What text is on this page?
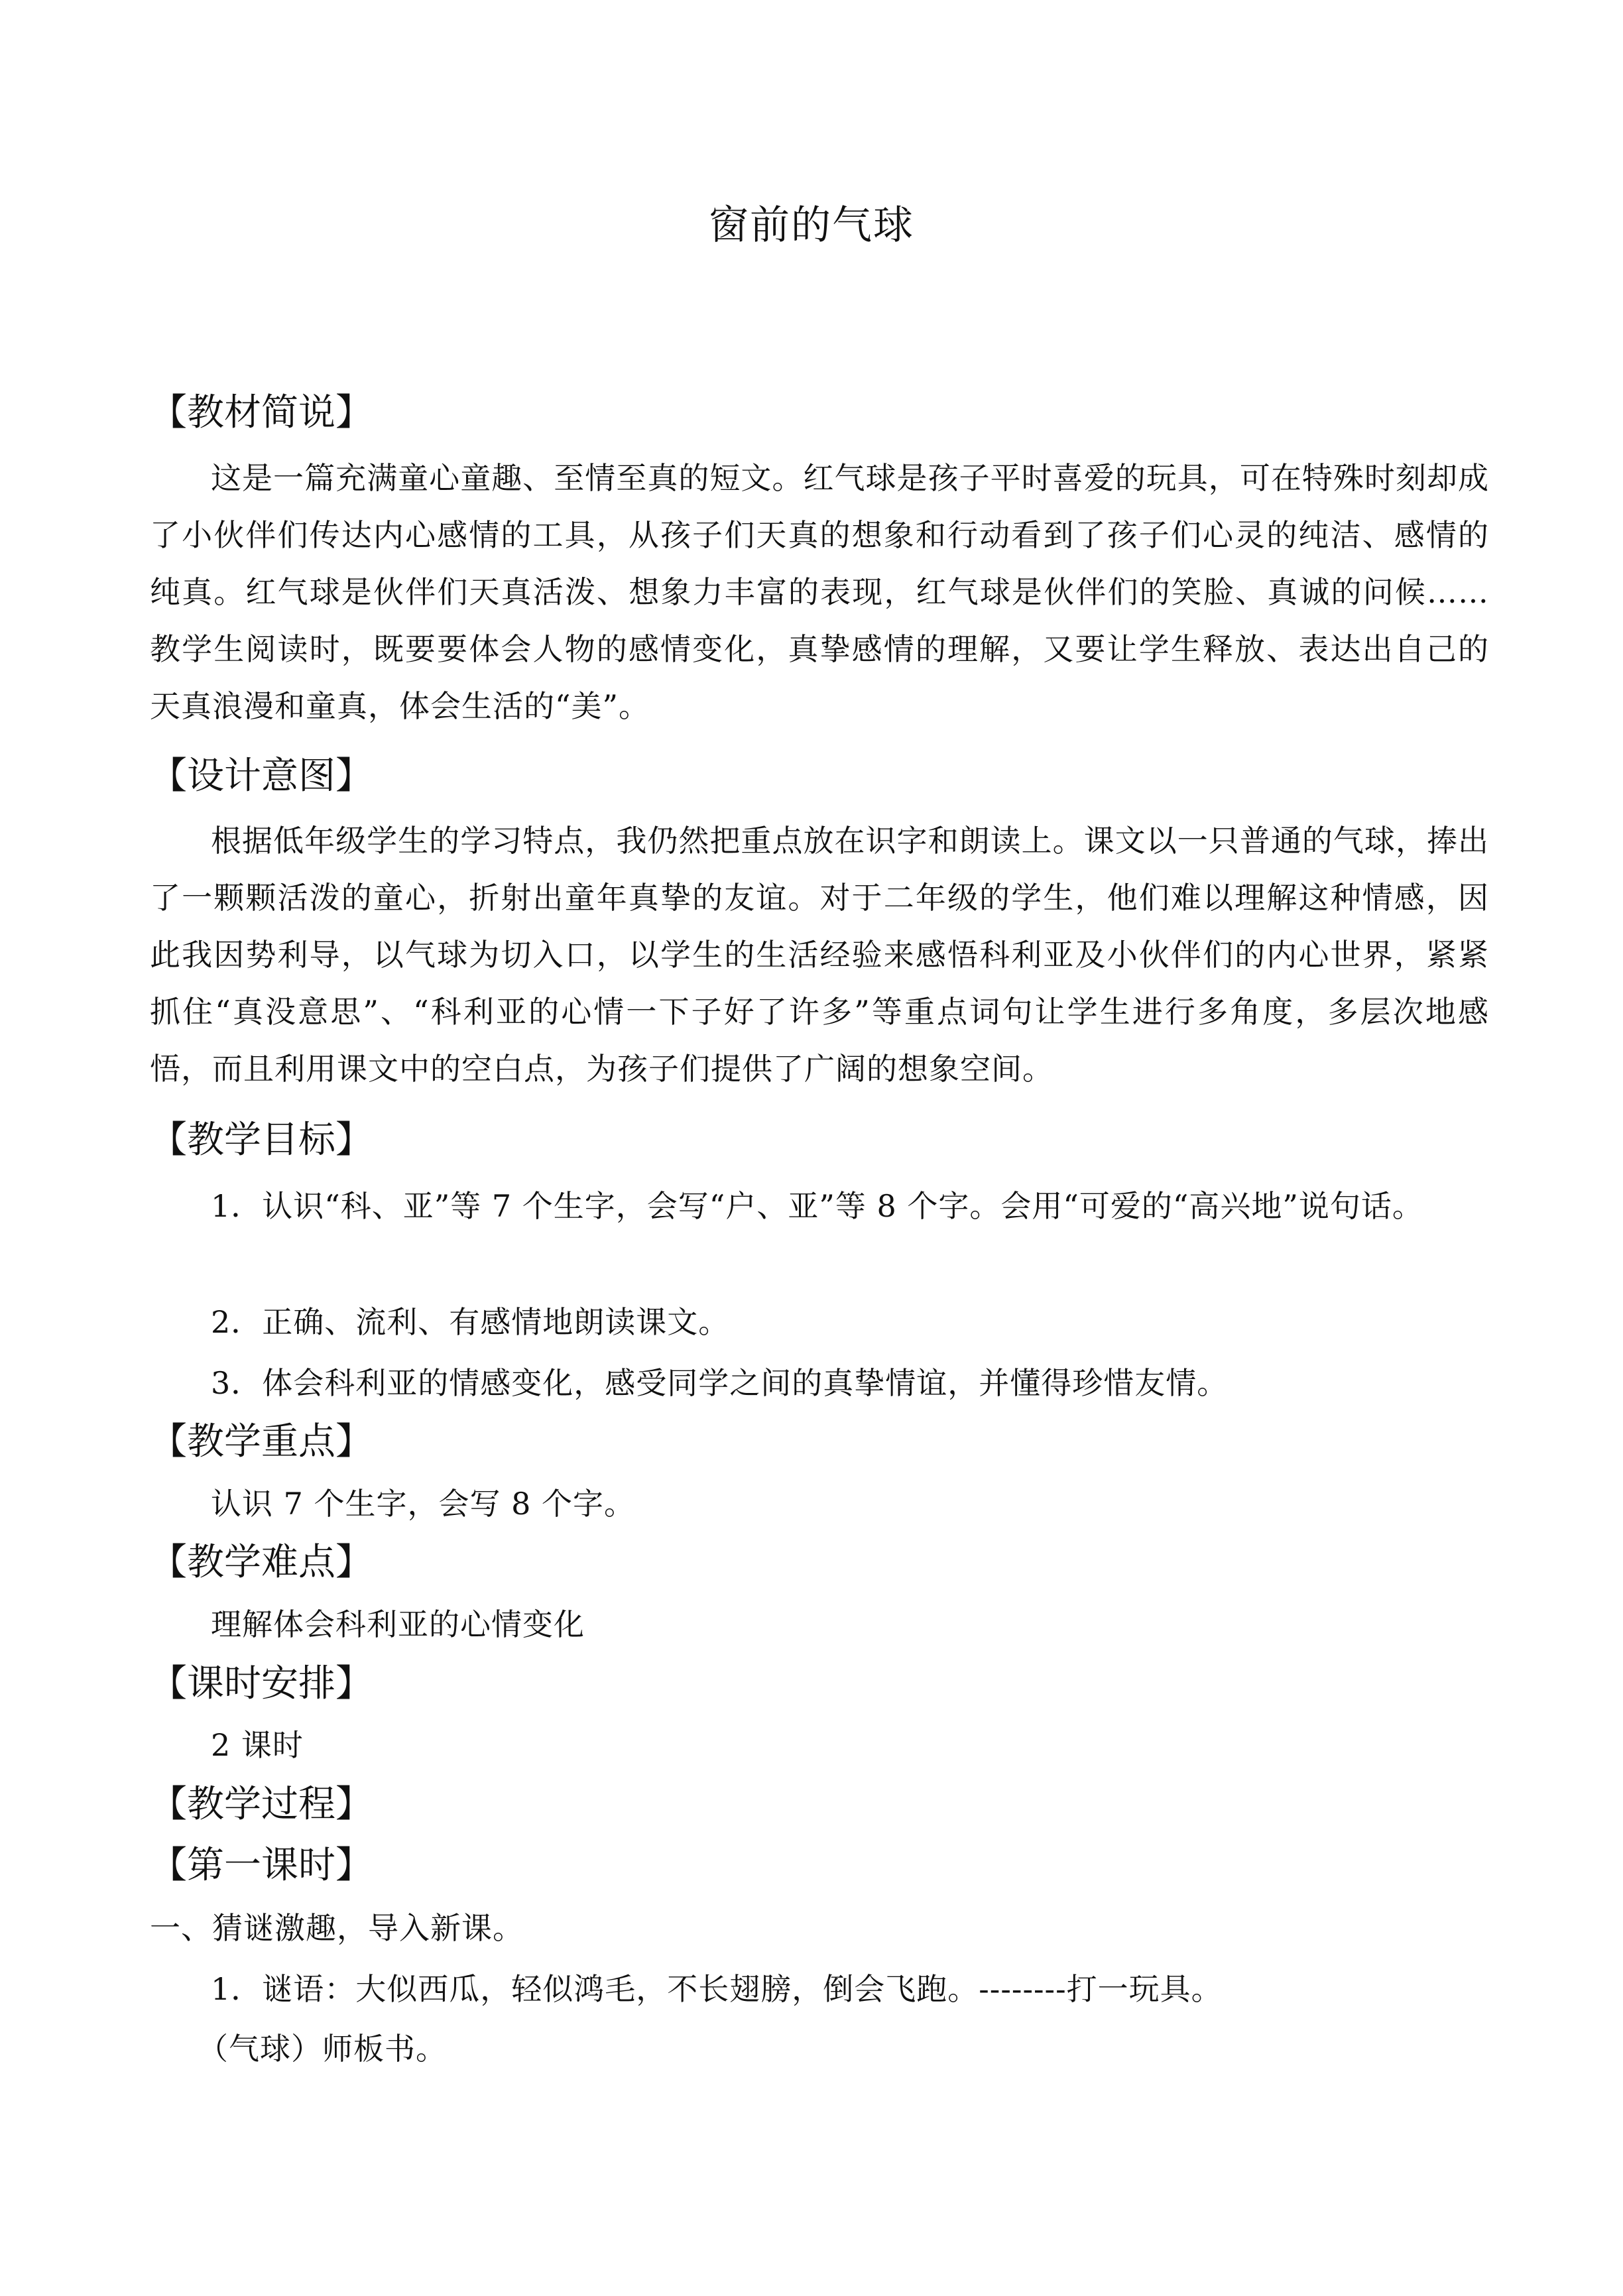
窗前的气球
【教材简说】
这是一篇充满童心童趣、至情至真的短文。红气球是孩子平时喜爱的玩具，可在特殊时刻却成了小伙伴们传达内心感情的工具，从孩子们天真的想象和行动看到了孩子们心灵的纯洁、感情的纯真。红气球是伙伴们天真活泼、想象力丰富的表现，红气球是伙伴们的笑脸、真诚的问候……教学生阅读时，既要要体会人物的感情变化，真挚感情的理解，又要让学生释放、表达出自己的天真浪漫和童真，体会生活的“美”。
【设计意图】
根据低年级学生的学习特点，我仍然把重点放在识字和朗读上。课文以一只普通的气球，捧出了一颗颗活泼的童心，折射出童年真挚的友谊。对于二年级的学生，他们难以理解这种情感，因此我因势利导，以气球为切入口，以学生的生活经验来感悟科利亚及小伙伴们的内心世界，紧紧抓住“真没意思”、“科利亚的心情一下子好了许多”等重点词句让学生进行多角度，多层次地感悟，而且利用课文中的空白点，为孩子们提供了广阔的想象空间。
【教学目标】
1．认识“科、亚”等 7 个生字，会写“户、亚”等 8 个字。会用“可爱的“高兴地”说句话。
2．正确、流利、有感情地朗读课文。
3．体会科利亚的情感变化，感受同学之间的真挚情谊，并懂得珍惜友情。
【教学重点】
认识 7 个生字，会写 8 个字。
【教学难点】
理解体会科利亚的心情变化
【课时安排】
2 课时
【教学过程】
【第一课时】
一、猜谜激趣，导入新课。
1．谜语：大似西瓜，轻似鸿毛，不长翅膀，倒会飞跑。--------打一玩具。
（气球）师板书。
